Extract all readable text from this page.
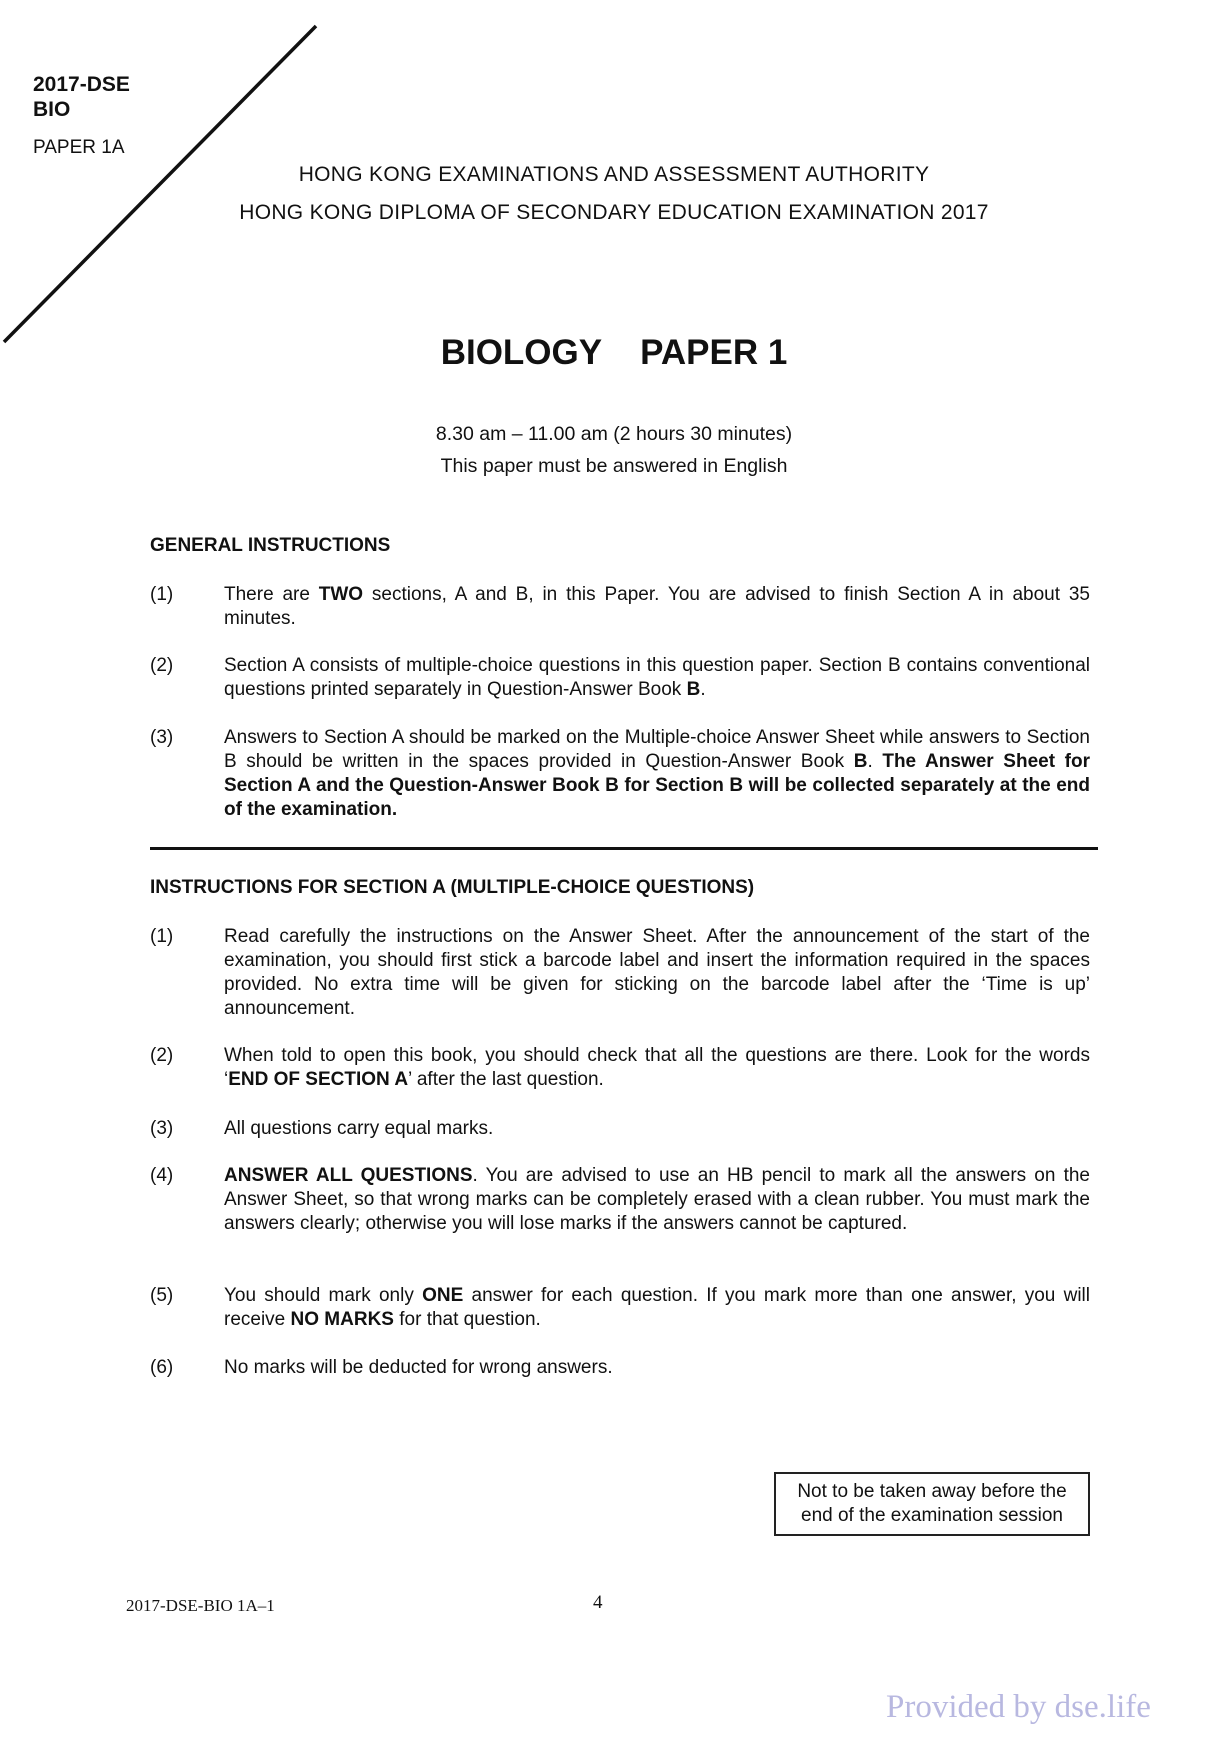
2017-DSE
BIO
PAPER 1A
HONG KONG EXAMINATIONS AND ASSESSMENT AUTHORITY
HONG KONG DIPLOMA OF SECONDARY EDUCATION EXAMINATION 2017
BIOLOGY PAPER 1
8.30 am – 11.00 am (2 hours 30 minutes)
This paper must be answered in English
GENERAL INSTRUCTIONS
(1)	There are TWO sections, A and B, in this Paper. You are advised to finish Section A in about 35 minutes.
(2)	Section A consists of multiple-choice questions in this question paper. Section B contains conventional questions printed separately in Question-Answer Book B.
(3)	Answers to Section A should be marked on the Multiple-choice Answer Sheet while answers to Section B should be written in the spaces provided in Question-Answer Book B. The Answer Sheet for Section A and the Question-Answer Book B for Section B will be collected separately at the end of the examination.
INSTRUCTIONS FOR SECTION A (MULTIPLE-CHOICE QUESTIONS)
(1)	Read carefully the instructions on the Answer Sheet. After the announcement of the start of the examination, you should first stick a barcode label and insert the information required in the spaces provided. No extra time will be given for sticking on the barcode label after the ‘Time is up’ announcement.
(2)	When told to open this book, you should check that all the questions are there. Look for the words ‘END OF SECTION A’ after the last question.
(3)	All questions carry equal marks.
(4)	ANSWER ALL QUESTIONS. You are advised to use an HB pencil to mark all the answers on the Answer Sheet, so that wrong marks can be completely erased with a clean rubber. You must mark the answers clearly; otherwise you will lose marks if the answers cannot be captured.
(5)	You should mark only ONE answer for each question. If you mark more than one answer, you will receive NO MARKS for that question.
(6)	No marks will be deducted for wrong answers.
Not to be taken away before the
end of the examination session
2017-DSE-BIO 1A–1	4
Provided by dse.life
